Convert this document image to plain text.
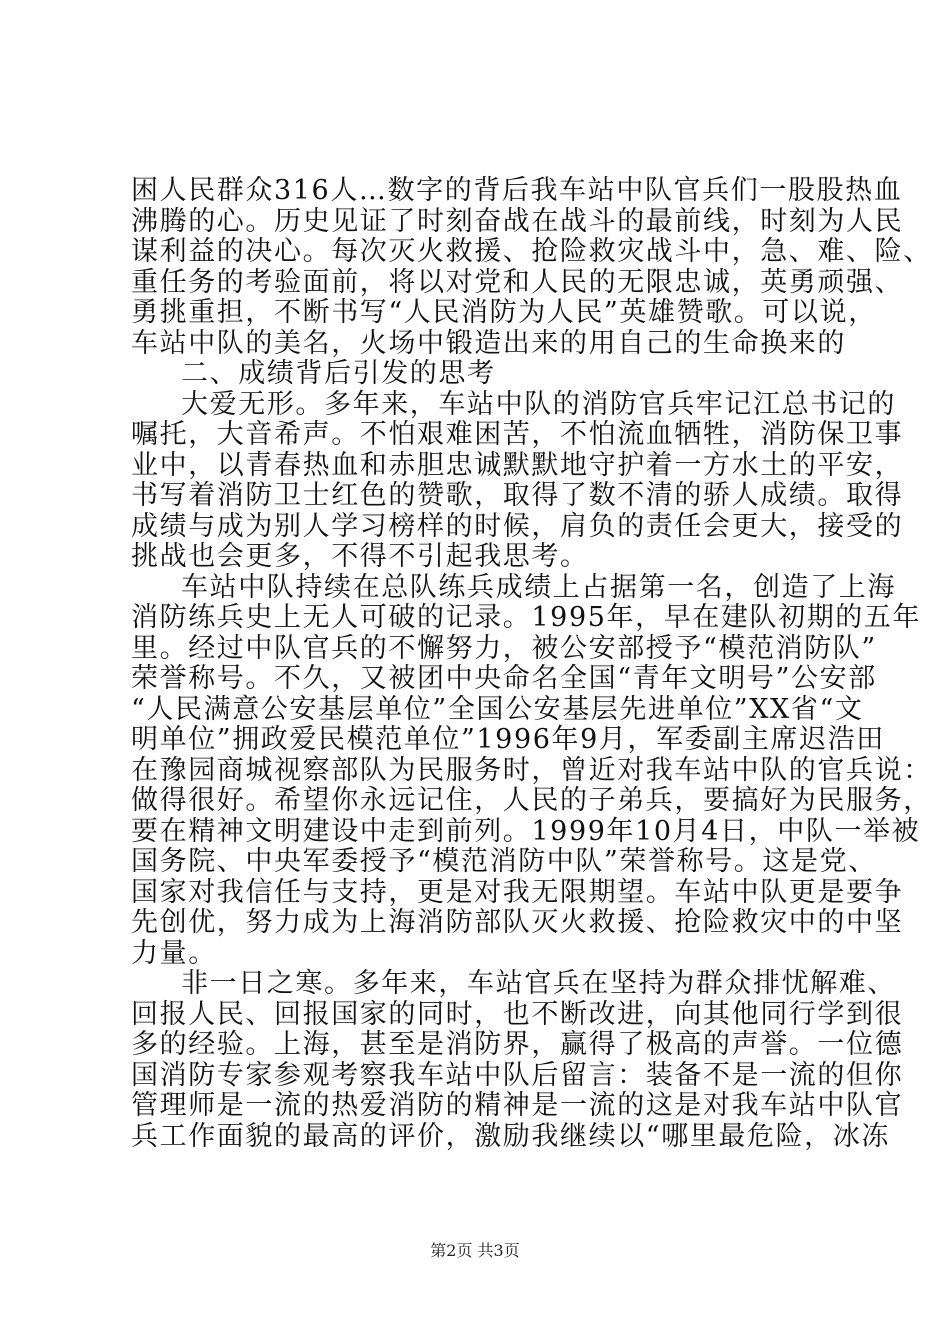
困人民群众316人…数字的背后我车站中队官兵们一股股热血
沸腾的心。历史见证了时刻奋战在战斗的最前线，时刻为人民
谋利益的决心。每次灭火救援、抢险救灾战斗中，急、难、险、
重任务的考验面前，将以对党和人民的无限忠诚，英勇顽强、
勇挑重担，不断书写“人民消防为人民”英雄赞歌。可以说，
车站中队的美名，火场中锻造出来的用自己的生命换来的
二、成绩背后引发的思考
大爱无形。多年来，车站中队的消防官兵牢记江总书记的
嘱托，大音希声。不怕艰难困苦，不怕流血牺牲，消防保卫事
业中，以青春热血和赤胆忠诚默默地守护着一方水土的平安，
书写着消防卫士红色的赞歌，取得了数不清的骄人成绩。取得
成绩与成为别人学习榜样的时候，肩负的责任会更大，接受的
挑战也会更多，不得不引起我思考。
车站中队持续在总队练兵成绩上占据第一名，创造了上海
消防练兵史上无人可破的记录。1995年，早在建队初期的五年
里。经过中队官兵的不懈努力，被公安部授予“模范消防队”
荣誉称号。不久，又被团中央命名全国“青年文明号”公安部
“人民满意公安基层单位”全国公安基层先进单位”XX省“文
明单位”拥政爱民模范单位”1996年9月，军委副主席迟浩田
在豫园商城视察部队为民服务时，曾近对我车站中队的官兵说：
做得很好。希望你永远记住，人民的子弟兵，要搞好为民服务，
要在精神文明建设中走到前列。1999年10月4日，中队一举被
国务院、中央军委授予“模范消防中队”荣誉称号。这是党、
国家对我信任与支持，更是对我无限期望。车站中队更是要争
先创优，努力成为上海消防部队灭火救援、抢险救灾中的中坚
力量。
非一日之寒。多年来，车站官兵在坚持为群众排忧解难、
回报人民、回报国家的同时，也不断改进，向其他同行学到很
多的经验。上海，甚至是消防界，赢得了极高的声誉。一位德
国消防专家参观考察我车站中队后留言：装备不是一流的但你
管理师是一流的热爱消防的精神是一流的这是对我车站中队官
兵工作面貌的最高的评价，激励我继续以“哪里最危险，冰冻
第2页 共3页
